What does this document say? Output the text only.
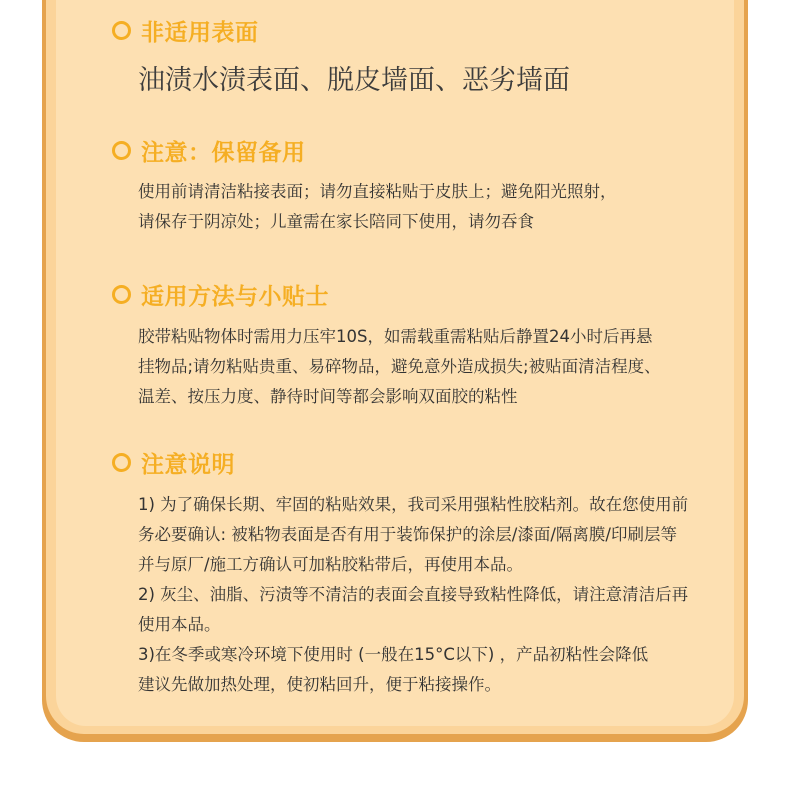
非适用表面
油渍水渍表面、脱皮墙面、恶劣墙面
注意：保留备用
使用前请清洁粘接表面；请勿直接粘贴于皮肤上；避免阳光照射，
请保存于阴凉处；儿童需在家长陪同下使用，请勿吞食
适用方法与小贴士
胶带粘贴物体时需用力压牢10S，如需载重需粘贴后静置24小时后再悬
挂物品;请勿粘贴贵重、易碎物品，避免意外造成损失;被贴面清洁程度、
温差、按压力度、静待时间等都会影响双面胶的粘性
注意说明
1) 为了确保长期、牢固的粘贴效果，我司采用强粘性胶粘剂。故在您使用前
务必要确认: 被粘物表面是否有用于装饰保护的涂层/漆面/隔离膜/印刷层等
并与原厂/施工方确认可加粘胶粘带后，再使用本品。
2) 灰尘、油脂、污渍等不清洁的表面会直接导致粘性降低，请注意清洁后再
使用本品。
3)在冬季或寒冷环境下使用时 (一般在15°C以下) ，产品初粘性会降低
建议先做加热处理，使初粘回升，便于粘接操作。
